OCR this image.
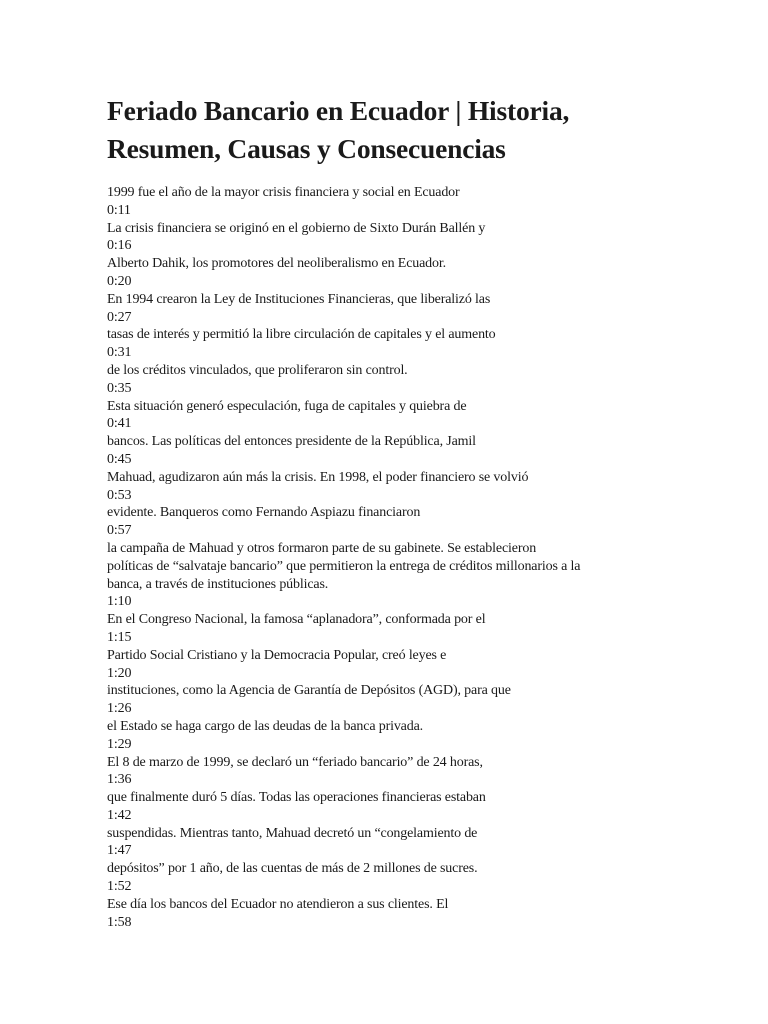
Feriado Bancario en Ecuador | Historia,
Resumen, Causas y Consecuencias
1999 fue el año de la mayor crisis financiera y social en Ecuador
0:11
La crisis financiera se originó en el gobierno de Sixto Durán Ballén y
0:16
Alberto Dahik, los promotores del neoliberalismo en Ecuador.
0:20
En 1994 crearon la Ley de Instituciones Financieras, que liberalizó las
0:27
tasas de interés y permitió la libre circulación de capitales y el aumento
0:31
de los créditos vinculados, que proliferaron sin control.
0:35
Esta situación generó especulación, fuga de capitales y quiebra de
0:41
bancos. Las políticas del entonces presidente de la República, Jamil
0:45
Mahuad, agudizaron aún más la crisis. En 1998, el poder financiero se volvió
0:53
evidente. Banqueros como Fernando Aspiazu financiaron
0:57
la campaña de Mahuad y otros formaron parte de su gabinete. Se establecieron
políticas de “salvataje bancario” que permitieron la entrega de créditos millonarios a la
banca, a través de instituciones públicas.
1:10
En el Congreso Nacional, la famosa “aplanadora”, conformada por el
1:15
Partido Social Cristiano y la Democracia Popular, creó leyes e
1:20
instituciones, como la Agencia de Garantía de Depósitos (AGD), para que
1:26
el Estado se haga cargo de las deudas de la banca privada.
1:29
El 8 de marzo de 1999, se declaró un “feriado bancario” de 24 horas,
1:36
que finalmente duró 5 días. Todas las operaciones financieras estaban
1:42
suspendidas. Mientras tanto, Mahuad decretó un “congelamiento de
1:47
depósitos” por 1 año, de las cuentas de más de 2 millones de sucres.
1:52
Ese día los bancos del Ecuador no atendieron a sus clientes. El
1:58
